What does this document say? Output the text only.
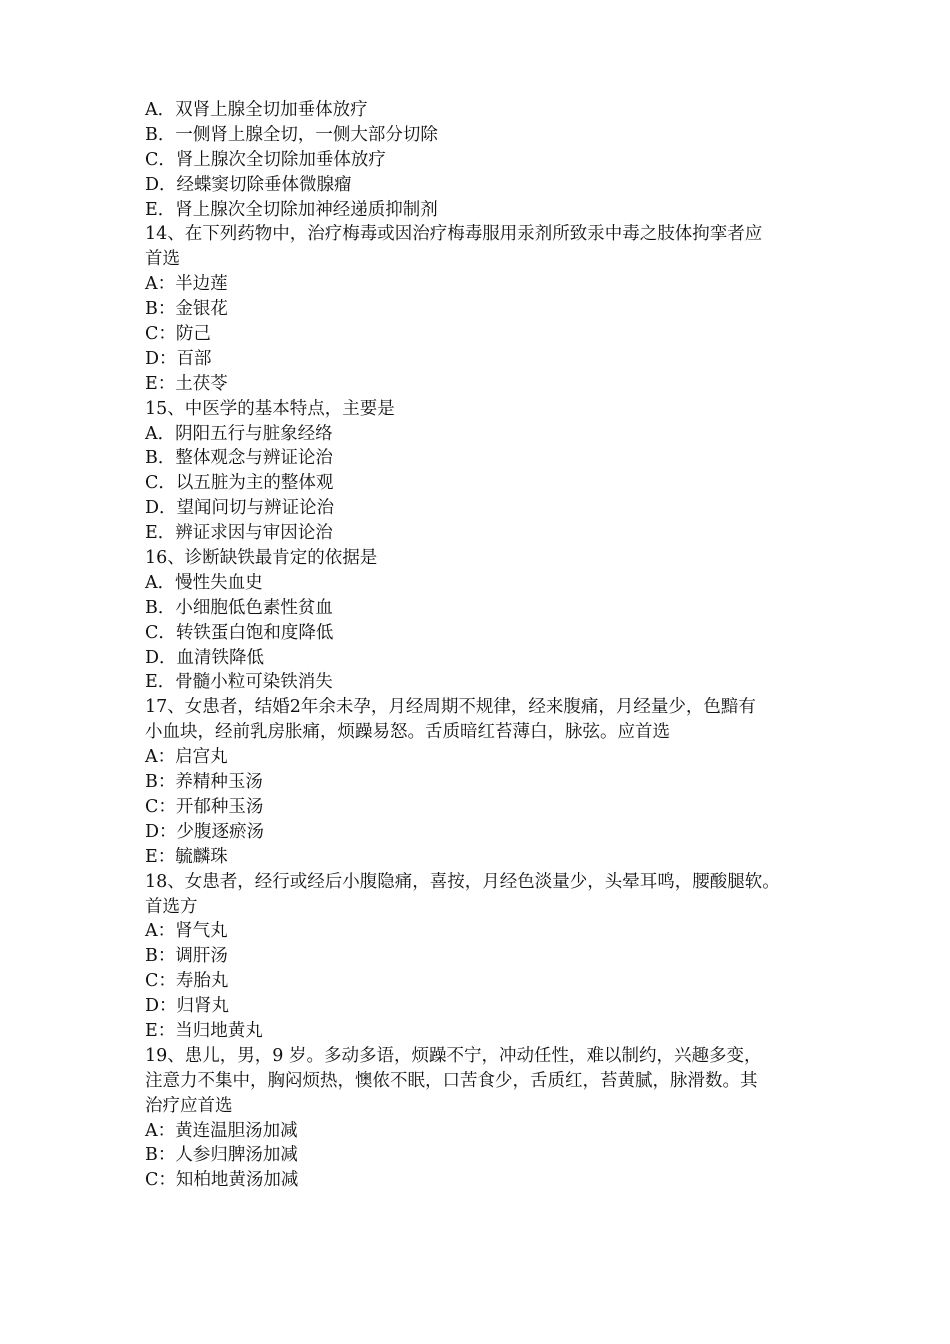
A．双肾上腺全切加垂体放疗
B．一侧肾上腺全切，一侧大部分切除
C．肾上腺次全切除加垂体放疗
D．经蝶窦切除垂体微腺瘤
E．肾上腺次全切除加神经递质抑制剂
14、在下列药物中，治疗梅毒或因治疗梅毒服用汞剂所致汞中毒之肢体拘挛者应
首选
A：半边莲
B：金银花
C：防己
D：百部
E：土茯苓
15、中医学的基本特点，主要是
A．阴阳五行与脏象经络
B．整体观念与辨证论治
C．以五脏为主的整体观
D．望闻问切与辨证论治
E．辨证求因与审因论治
16、诊断缺铁最肯定的依据是
A．慢性失血史
B．小细胞低色素性贫血
C．转铁蛋白饱和度降低
D．血清铁降低
E．骨髓小粒可染铁消失
17、女患者，结婚2年余未孕，月经周期不规律，经来腹痛，月经量少，色黯有
小血块，经前乳房胀痛，烦躁易怒。舌质暗红苔薄白，脉弦。应首选
A：启宫丸
B：养精种玉汤
C：开郁种玉汤
D：少腹逐瘀汤
E：毓麟珠
18、女患者，经行或经后小腹隐痛，喜按，月经色淡量少，头晕耳鸣，腰酸腿软。
首选方
A：肾气丸
B：调肝汤
C：寿胎丸
D：归肾丸
E：当归地黄丸
19、患儿，男，9 岁。多动多语，烦躁不宁，冲动任性，难以制约，兴趣多变，
注意力不集中，胸闷烦热，懊侬不眠，口苦食少，舌质红，苔黄腻，脉滑数。其
治疗应首选
A：黄连温胆汤加减
B：人参归脾汤加减
C：知柏地黄汤加减
